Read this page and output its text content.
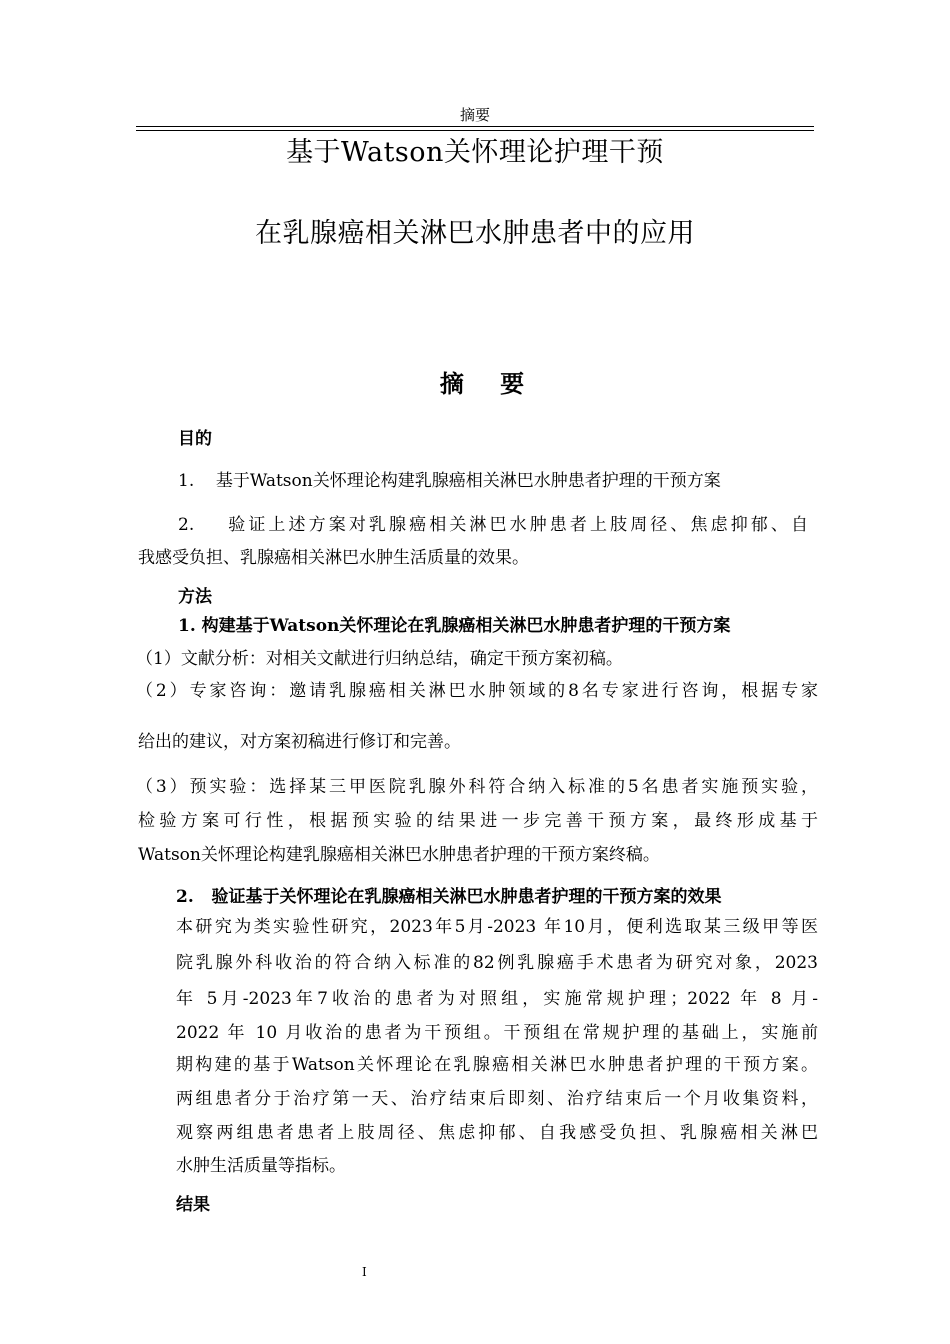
摘要
基于Watson关怀理论护理干预
在乳腺癌相关淋巴水肿患者中的应用
摘 要
目的
1.    基于Watson关怀理论构建乳腺癌相关淋巴水肿患者护理的干预方案
2.    验证上述方案对乳腺癌相关淋巴水肿患者上肢周径、焦虑抑郁、自
我感受负担、乳腺癌相关淋巴水肿生活质量的效果。
方法
1. 构建基于Watson关怀理论在乳腺癌相关淋巴水肿患者护理的干预方案
（1）文献分析：对相关文献进行归纳总结，确定干预方案初稿。
（2）专家咨询：邀请乳腺癌相关淋巴水肿领域的8名专家进行咨询，根据专家
给出的建议，对方案初稿进行修订和完善。
（3）预实验：选择某三甲医院乳腺外科符合纳入标准的5名患者实施预实验，
检验方案可行性，根据预实验的结果进一步完善干预方案，最终形成基于
Watson关怀理论构建乳腺癌相关淋巴水肿患者护理的干预方案终稿。
2.   验证基于关怀理论在乳腺癌相关淋巴水肿患者护理的干预方案的效果
本研究为类实验性研究，2023年5月-2023 年10月，便利选取某三级甲等医
院乳腺外科收治的符合纳入标准的82例乳腺癌手术患者为研究对象，2023
年 5月-2023年7收治的患者为对照组，实施常规护理；2022 年 8 月-
2022 年 10 月收治的患者为干预组。干预组在常规护理的基础上，实施前
期构建的基于Watson关怀理论在乳腺癌相关淋巴水肿患者护理的干预方案。
两组患者分于治疗第一天、治疗结束后即刻、治疗结束后一个月收集资料，
观察两组患者患者上肢周径、焦虑抑郁、自我感受负担、乳腺癌相关淋巴
水肿生活质量等指标。
结果
I
